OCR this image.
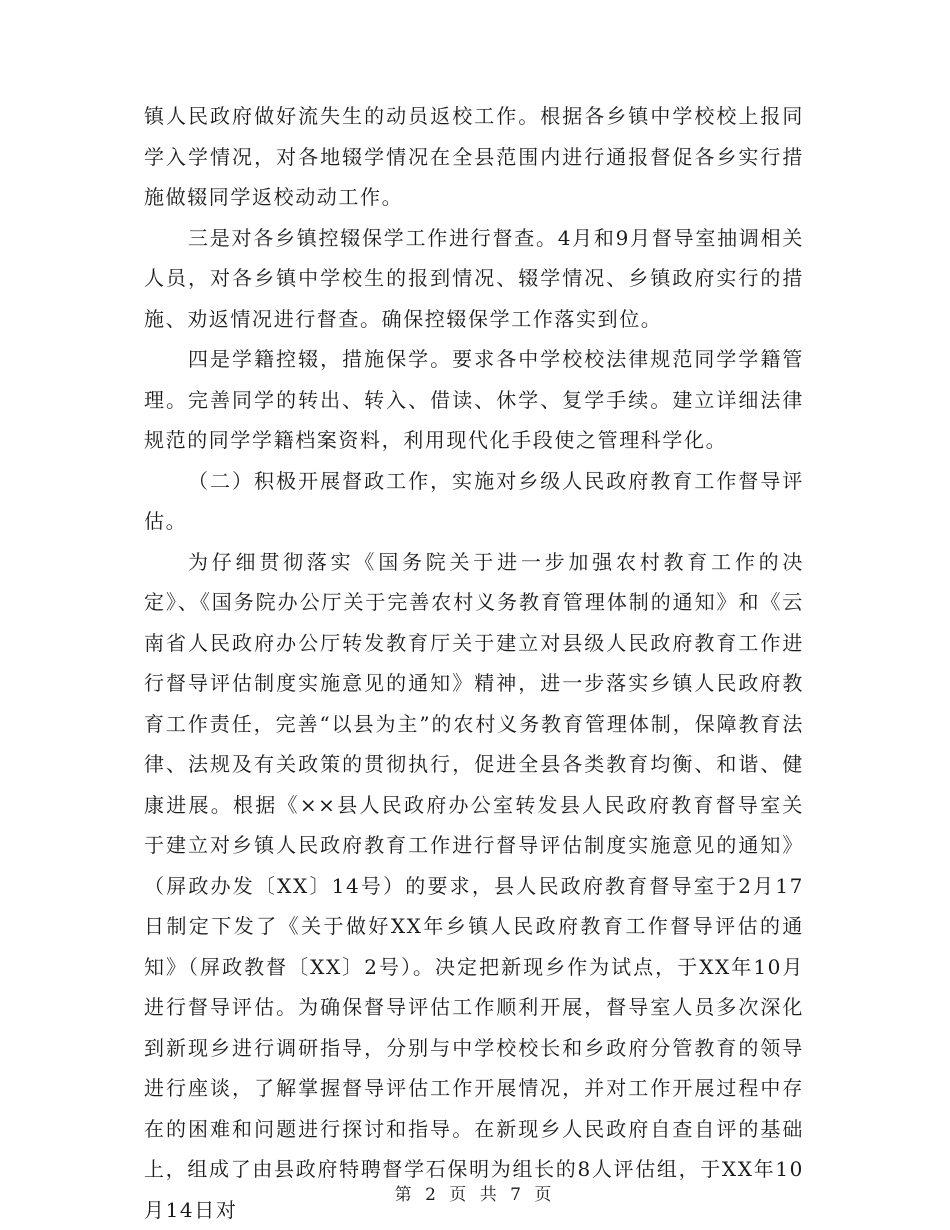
镇人民政府做好流失生的动员返校工作。根据各乡镇中学校校上报同学入学情况，对各地辍学情况在全县范围内进行通报督促各乡实行措施做辍同学返校动动工作。

三是对各乡镇控辍保学工作进行督查。4月和9月督导室抽调相关人员，对各乡镇中学校生的报到情况、辍学情况、乡镇政府实行的措施、劝返情况进行督查。确保控辍保学工作落实到位。

四是学籍控辍，措施保学。要求各中学校校法律规范同学学籍管理。完善同学的转出、转入、借读、休学、复学手续。建立详细法律规范的同学学籍档案资料，利用现代化手段使之管理科学化。

（二）积极开展督政工作，实施对乡级人民政府教育工作督导评估。

为仔细贯彻落实《国务院关于进一步加强农村教育工作的决定》、《国务院办公厅关于完善农村义务教育管理体制的通知》和《云南省人民政府办公厅转发教育厅关于建立对县级人民政府教育工作进行督导评估制度实施意见的通知》精神，进一步落实乡镇人民政府教育工作责任，完善“以县为主”的农村义务教育管理体制，保障教育法律、法规及有关政策的贯彻执行，促进全县各类教育均衡、和谐、健康进展。根据《××县人民政府办公室转发县人民政府教育督导室关于建立对乡镇人民政府教育工作进行督导评估制度实施意见的通知》（屏政办发〔XX〕14号）的要求，县人民政府教育督导室于2月17日制定下发了《关于做好XX年乡镇人民政府教育工作督导评估的通知》（屏政教督〔XX〕2号）。决定把新现乡作为试点，于XX年10月进行督导评估。为确保督导评估工作顺利开展，督导室人员多次深化到新现乡进行调研指导，分别与中学校校长和乡政府分管教育的领导进行座谈，了解掌握督导评估工作开展情况，并对工作开展过程中存在的困难和问题进行探讨和指导。在新现乡人民政府自查自评的基础上，组成了由县政府特聘督学石保明为组长的8人评估组，于XX年10月14日对

第 2 页 共 7 页
